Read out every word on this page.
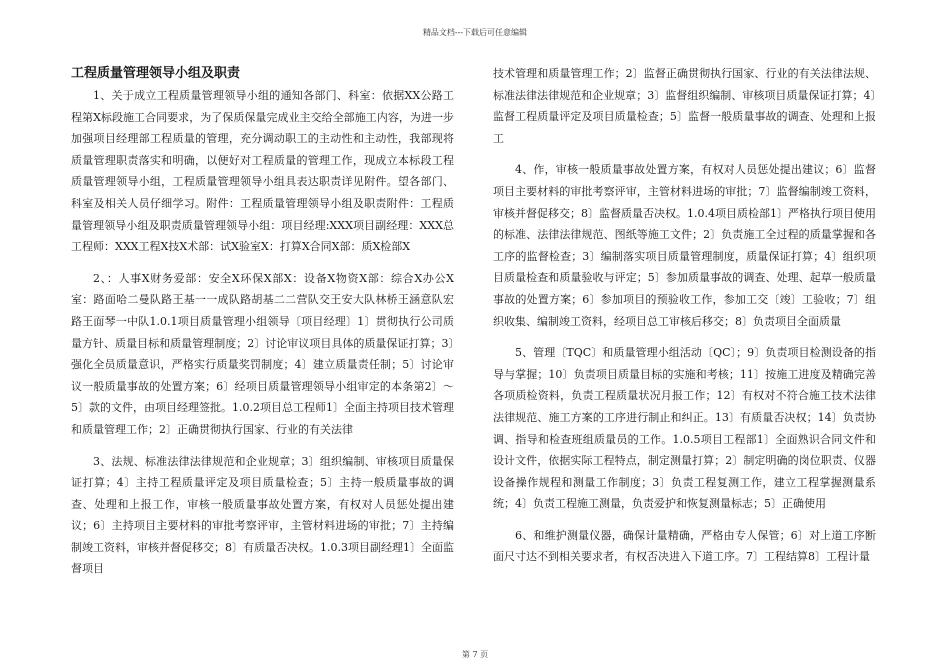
精品文档---下载后可任意编辑
工程质量管理领导小组及职责

1、关于成立工程质量管理领导小组的通知各部门、科室：依据XX公路工程第X标段施工合同要求，为了保质保量完成业主交给全部施工内容，为进一步加强项目经理部工程质量的管理，充分调动职工的主动性和主动性，我部现将质量管理职责落实和明确，以便好对工程质量的管理工作，现成立本标段工程质量管理领导小组，工程质量管理领导小组具表达职责详见附件。望各部门、科室及相关人员仔细学习。附件：工程质量管理领导小组及职责附件：工程质量管理领导小组及职责质量管理领导小组：项目经理:XXX项目副经理：XXX总工程师：XXX工程X技X术部：试X验室X：打算X合同X部：质X检部X

2、：人事X财务爱部：安全X环保X部X：设备X物资X部：综合X办公X室：路面哈二曼队路王基一一成队路胡基二二营队交王安大队林桥王涵意队宏路王面琴一中队1.0.1项目质量管理小组领导〔项目经理〕1〕贯彻执行公司质量方针、质量目标和质量管理制度；2〕讨论审议项目具体的质量保证打算；3〕强化全员质量意识，严格实行质量奖罚制度；4〕建立质量责任制；5〕讨论审议一般质量事故的处置方案；6〕经项目质量管理领导小组审定的本条第2〕～5〕款的文件，由项目经理签批。1.0.2项目总工程师1〕全面主持项目技术管理和质量管理工作；2〕正确贯彻执行国家、行业的有关法律

3、法规、标准法律法律规范和企业规章；3〕组织编制、审核项目质量保证打算；4〕主持工程质量评定及项目质量检查；5〕主持一般质量事故的调查、处理和上报工作，审核一般质量事故处置方案，有权对人员惩处提出建议；6〕主持项目主要材料的审批考察评审，主管材料进场的审批；7〕主持编制竣工资料，审核并督促移交；8〕有质量否决权。1.0.3项目副经理1〕全面监督项目

技术管理和质量管理工作；2〕监督正确贯彻执行国家、行业的有关法律法规、标准法律法律规范和企业规章；3〕监督组织编制、审核项目质量保证打算；4〕监督工程质量评定及项目质量检查；5〕监督一般质量事故的调查、处理和上报工

4、作，审核一般质量事故处置方案，有权对人员惩处提出建议；6〕监督项目主要材料的审批考察评审，主管材料进场的审批；7〕监督编制竣工资料，审核并督促移交；8〕监督质量否决权。1.0.4项目质检部1〕严格执行项目使用的标准、法律法律规范、图纸等施工文件；2〕负责施工全过程的质量掌握和各工序的监督检查；3〕编制落实项目质量管理制度，质量保证打算；4〕组织项目质量检查和质量验收与评定；5〕参加质量事故的调查、处理、起草一般质量事故的处置方案；6〕参加项目的预验收工作，参加工交〔竣〕工验收；7〕组织收集、编制竣工资料，经项目总工审核后移交；8〕负责项目全面质量

5、管理〔TQC〕和质量管理小组活动〔QC〕；9〕负责项目检测设备的指导与掌握；10〕负责项目质量目标的实施和考核；11〕按施工进度及精确完善各项质检资料，负责工程质量状况月报工作；12〕有权对不符合施工技术法律法律规范、施工方案的工序进行制止和纠正。13〕有质量否决权；14〕负责协调、指导和检查班组质量员的工作。1.0.5项目工程部1〕全面熟识合同文件和设计文件，依据实际工程特点，制定测量打算；2〕制定明确的岗位职责、仪器设备操作规程和测量工作制度；3〕负责工程复测工作，建立工程掌握测量系统；4〕负责工程施工测量，负责爱护和恢复测量标志；5〕正确使用

6、和维护测量仪器，确保计量精确，严格由专人保管；6〕对上道工序断面尺寸达不到相关要求者，有权否决进入下道工序。7〕工程结算8〕工程计量

第 7 页
